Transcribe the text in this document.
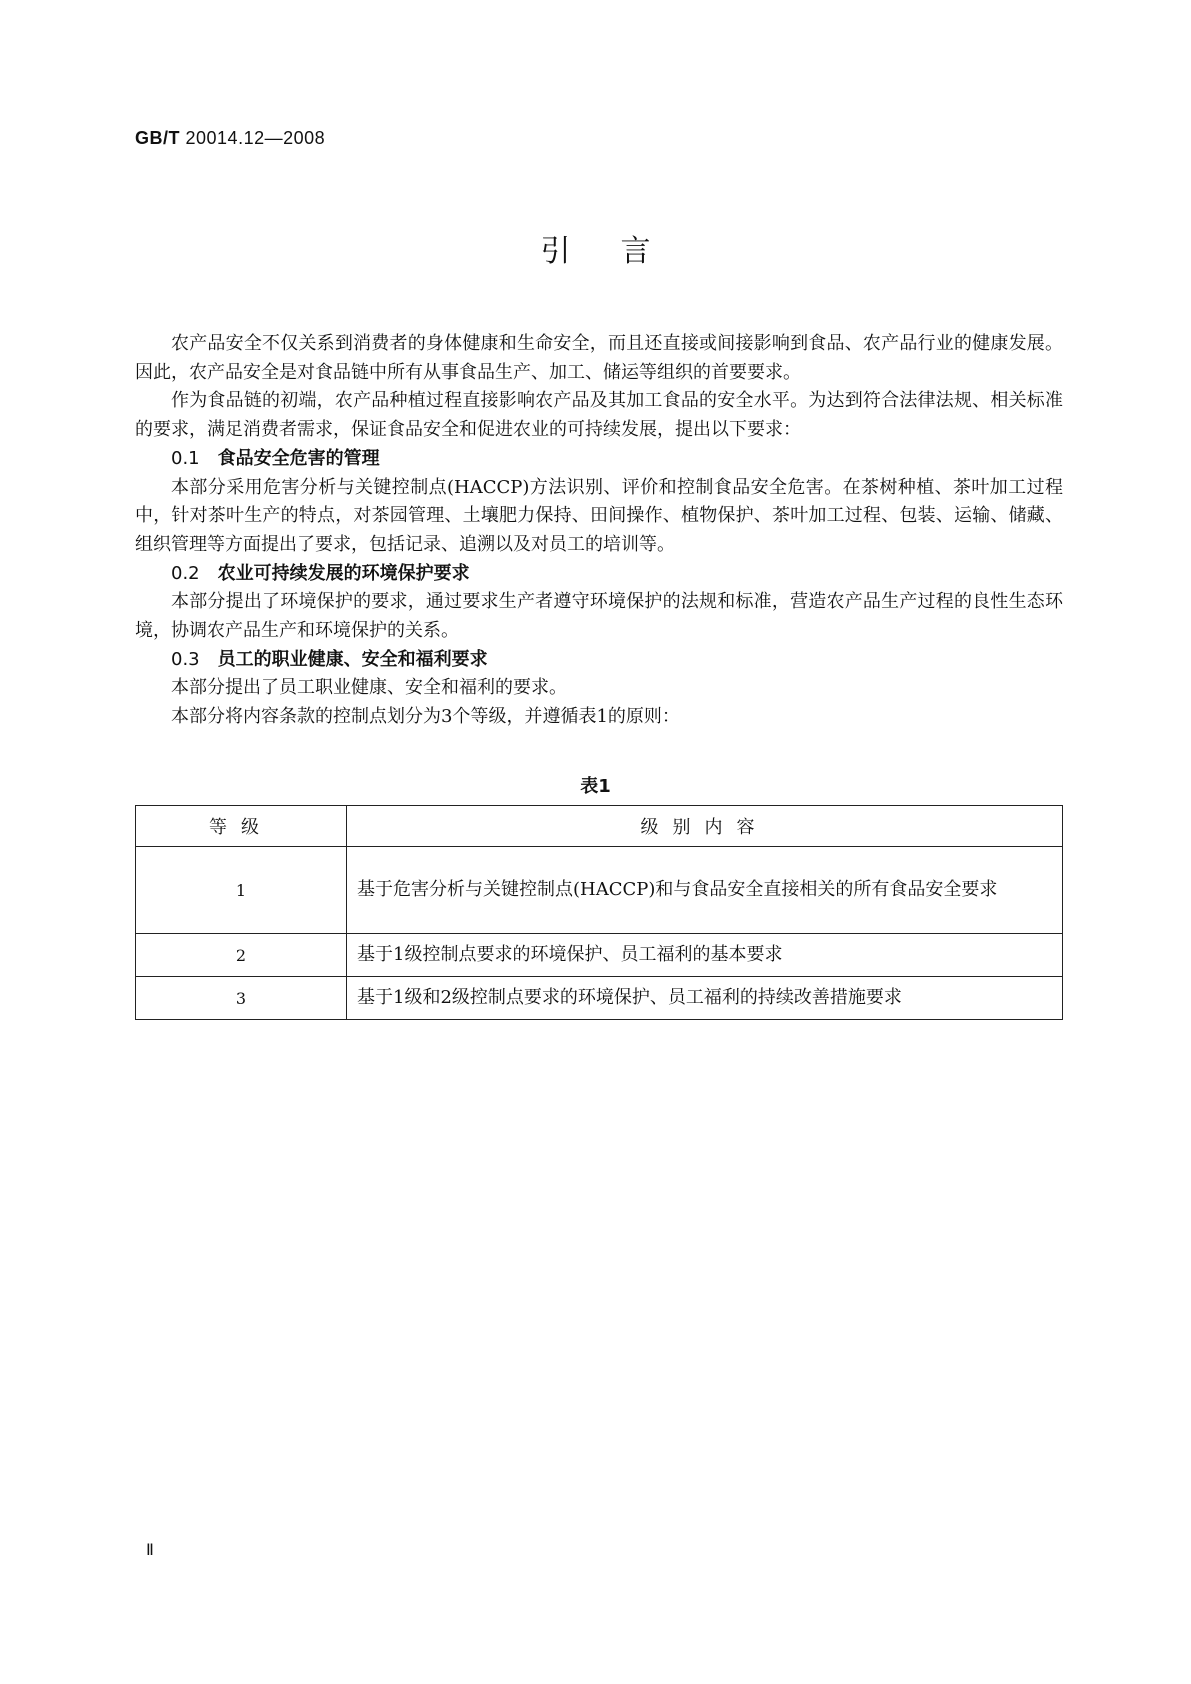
GB/T 20014.12—2008
引言

农产品安全不仅关系到消费者的身体健康和生命安全，而且还直接或间接影响到食品、农产品行业的健康发展。因此，农产品安全是对食品链中所有从事食品生产、加工、储运等组织的首要要求。

作为食品链的初端，农产品种植过程直接影响农产品及其加工食品的安全水平。为达到符合法律法规、相关标准的要求，满足消费者需求，保证食品安全和促进农业的可持续发展，提出以下要求：

0.1 食品安全危害的管理

本部分采用危害分析与关键控制点(HACCP)方法识别、评价和控制食品安全危害。在茶树种植、茶叶加工过程中，针对茶叶生产的特点，对茶园管理、土壤肥力保持、田间操作、植物保护、茶叶加工过程、包装、运输、储藏、组织管理等方面提出了要求，包括记录、追溯以及对员工的培训等。

0.2 农业可持续发展的环境保护要求

本部分提出了环境保护的要求，通过要求生产者遵守环境保护的法规和标准，营造农产品生产过程的良性生态环境，协调农产品生产和环境保护的关系。

0.3 员工的职业健康、安全和福利要求

本部分提出了员工职业健康、安全和福利的要求。

本部分将内容条款的控制点划分为3个等级，并遵循表1的原则：

表1
等级	级别内容
1	基于危害分析与关键控制点(HACCP)和与食品安全直接相关的所有食品安全要求
2	基于1级控制点要求的环境保护、员工福利的基本要求
3	基于1级和2级控制点要求的环境保护、员工福利的持续改善措施要求
Ⅱ
